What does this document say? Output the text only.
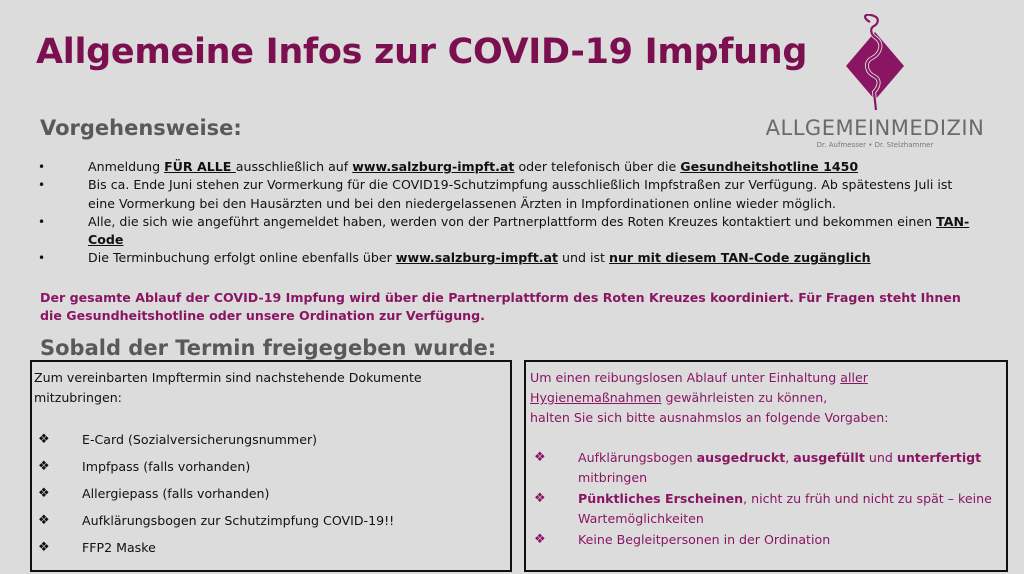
Allgemeine Infos zur COVID-19 Impfung
ALLGEMEINMEDIZIN
Dr. Aufmesser • Dr. Stelzhammer
Vorgehensweise:
• Anmeldung FÜR ALLE ausschließlich auf www.salzburg-impft.at oder telefonisch über die Gesundheitshotline 1450
• Bis ca. Ende Juni stehen zur Vormerkung für die COVID19-Schutzimpfung ausschließlich Impfstraßen zur Verfügung. Ab spätestens Juli ist eine Vormerkung bei den Hausärzten und bei den niedergelassenen Ärzten in Impfordinationen online wieder möglich.
• Alle, die sich wie angeführt angemeldet haben, werden von der Partnerplattform des Roten Kreuzes kontaktiert und bekommen einen TAN-Code
• Die Terminbuchung erfolgt online ebenfalls über www.salzburg-impft.at und ist nur mit diesem TAN-Code zugänglich
Der gesamte Ablauf der COVID-19 Impfung wird über die Partnerplattform des Roten Kreuzes koordiniert. Für Fragen steht Ihnen die Gesundheitshotline oder unsere Ordination zur Verfügung.
Sobald der Termin freigegeben wurde:
Zum vereinbarten Impftermin sind nachstehende Dokumente mitzubringen:
❖	E-Card (Sozialversicherungsnummer)
❖	Impfpass (falls vorhanden)
❖	Allergiepass (falls vorhanden)
❖	Aufklärungsbogen zur Schutzimpfung COVID-19!!
❖	FFP2 Maske
Um einen reibungslosen Ablauf unter Einhaltung aller Hygienemaßnahmen gewährleisten zu können,
halten Sie sich bitte ausnahmslos an folgende Vorgaben:
❖	Aufklärungsbogen ausgedruckt, ausgefüllt und unterfertigt mitbringen
❖	Pünktliches Erscheinen, nicht zu früh und nicht zu spät – keine Wartemöglichkeiten
❖	Keine Begleitpersonen in der Ordination
